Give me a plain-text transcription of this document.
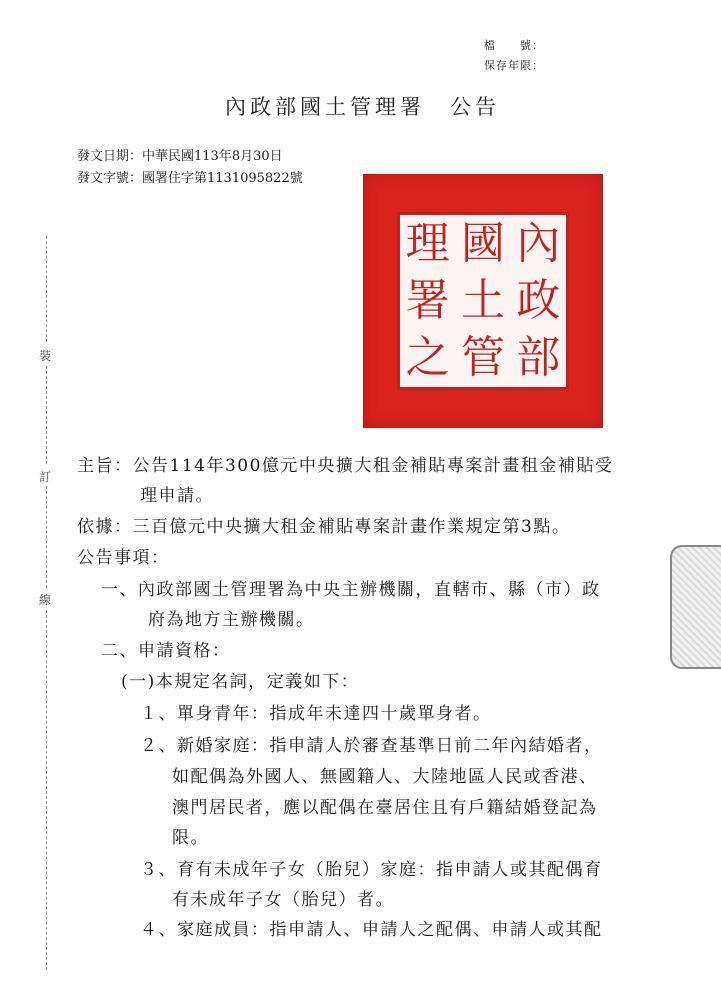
檔　　號：
保存年限：
內政部國土管理署　公告
發文日期：中華民國113年8月30日
發文字號：國署住字第1131095822號
裝
訂
線
理
署
之
國
土
管
內
政
部
主旨：公告114年300億元中央擴大租金補貼專案計畫租金補貼受
理申請。
依據：三百億元中央擴大租金補貼專案計畫作業規定第3點。
公告事項：
一、內政部國土管理署為中央主辦機關，直轄市、縣（市）政
府為地方主辦機關。
二、申請資格：
(一)本規定名詞，定義如下：
１、單身青年：指成年未達四十歲單身者。
２、新婚家庭：指申請人於審查基準日前二年內結婚者，
如配偶為外國人、無國籍人、大陸地區人民或香港、
澳門居民者，應以配偶在臺居住且有戶籍結婚登記為
限。
３、育有未成年子女（胎兒）家庭：指申請人或其配偶育
有未成年子女（胎兒）者。
４、家庭成員：指申請人、申請人之配偶、申請人或其配
